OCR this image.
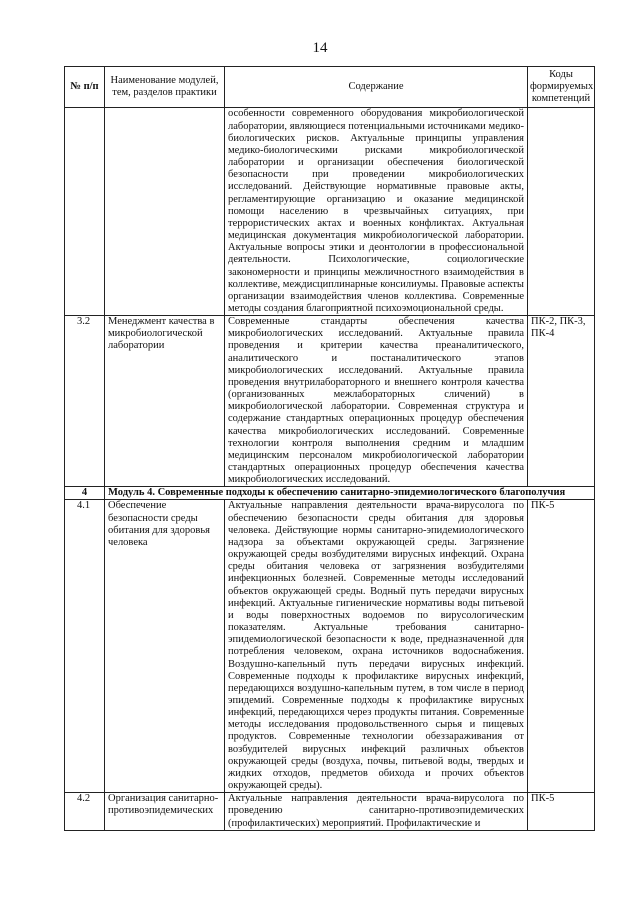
14
№ п/п	Наименование модулей, тем, разделов практики	Содержание	Коды формируемых компетенций
		особенности современного оборудования микробиологической лаборатории, являющиеся потенциальными источниками медико-биологических рисков. Актуальные принципы управления медико-биологическими рисками микробиологической лаборатории и организации обеспечения биологической безопасности при проведении микробиологических исследований. Действующие нормативные правовые акты, регламентирующие организацию и оказание медицинской помощи населению в чрезвычайных ситуациях, при террористических актах и военных конфликтах. Актуальная медицинская документация микробиологической лаборатории. Актуальные вопросы этики и деонтологии в профессиональной деятельности. Психологические, социологические закономерности и принципы межличностного взаимодействия в коллективе, междисциплинарные консилиумы. Правовые аспекты организации взаимодействия членов коллектива. Современные методы создания благоприятной психоэмоциональной среды.	
3.2	Менеджмент качества в микробиологической лаборатории	Современные стандарты обеспечения качества микробиологических исследований. Актуальные правила проведения и критерии качества преаналитического, аналитического и постаналитического этапов микробиологических исследований. Актуальные правила проведения внутрилабораторного и внешнего контроля качества (организованных межлабораторных сличений) в микробиологической лаборатории. Современная структура и содержание стандартных операционных процедур обеспечения качества микробиологических исследований. Современные технологии контроля выполнения средним и младшим медицинским персоналом микробиологической лаборатории стандартных операционных процедур обеспечения качества микробиологических исследований.	ПК-2, ПК-3, ПК-4
4	Модуль 4. Современные подходы к обеспечению санитарно-эпидемиологического благополучия		
4.1	Обеспечение безопасности среды обитания для здоровья человека	Актуальные направления деятельности врача-вирусолога по обеспечению безопасности среды обитания для здоровья человека. Действующие нормы санитарно-эпидемиологического надзора за объектами окружающей среды. Загрязнение окружающей среды возбудителями вирусных инфекций. Охрана среды обитания человека от загрязнения возбудителями инфекционных болезней. Современные методы исследований объектов окружающей среды. Водный путь передачи вирусных инфекций. Актуальные гигиенические нормативы воды питьевой и воды поверхностных водоемов по вирусологическим показателям. Актуальные требования санитарно-эпидемиологической безопасности к воде, предназначенной для потребления человеком, охрана источников водоснабжения. Воздушно-капельный путь передачи вирусных инфекций. Современные подходы к профилактике вирусных инфекций, передающихся воздушно-капельным путем, в том числе в период эпидемий. Современные подходы к профилактике вирусных инфекций, передающихся через продукты питания. Современные методы исследования продовольственного сырья и пищевых продуктов. Современные технологии обеззараживания от возбудителей вирусных инфекций различных объектов окружающей среды (воздуха, почвы, питьевой воды, твердых и жидких отходов, предметов обихода и прочих объектов окружающей среды).	ПК-5
4.2	Организация санитарно-противоэпидемических	Актуальные направления деятельности врача-вирусолога по проведению санитарно-противоэпидемических (профилактических) мероприятий. Профилактические и	ПК-5
